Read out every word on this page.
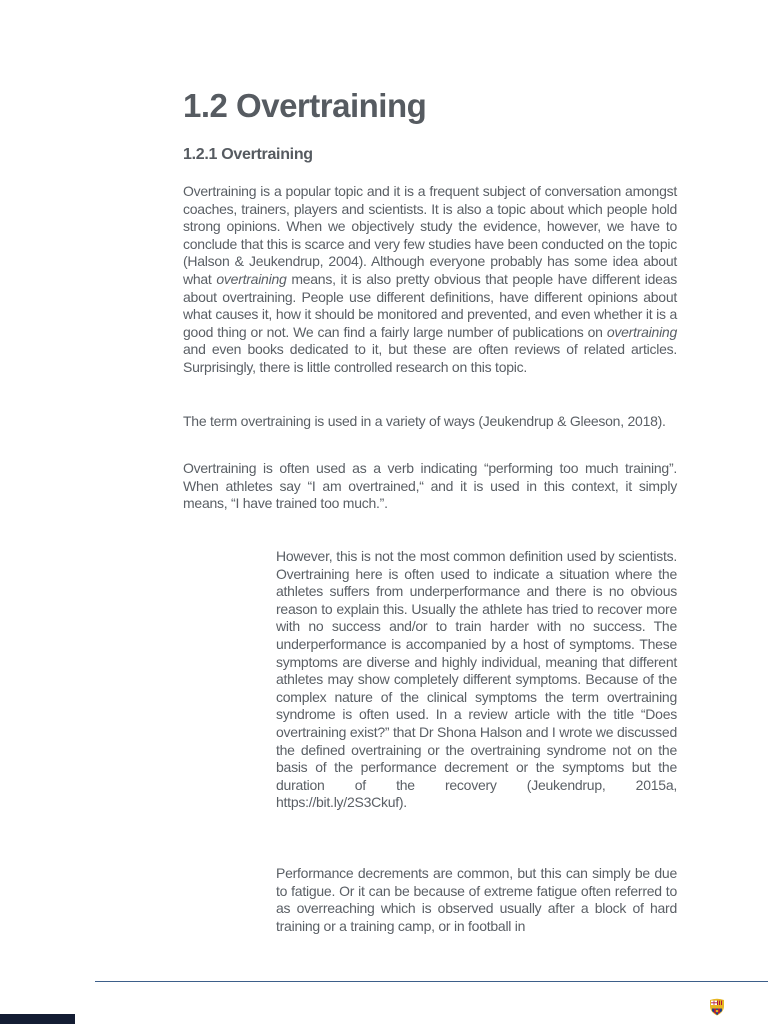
1.2 Overtraining
1.2.1 Overtraining

Overtraining is a popular topic and it is a frequent subject of conversation amongst coaches, trainers, players and scientists. It is also a topic about which people hold strong opinions. When we objectively study the evidence, however, we have to conclude that this is scarce and very few studies have been conducted on the topic (Halson & Jeukendrup, 2004). Although everyone probably has some idea about what overtraining means, it is also pretty obvious that people have different ideas about overtraining. People use different definitions, have different opinions about what causes it, how it should be monitored and prevented, and even whether it is a good thing or not. We can find a fairly large number of publications on overtraining and even books dedicated to it, but these are often reviews of related articles. Surprisingly, there is little controlled research on this topic.

The term overtraining is used in a variety of ways (Jeukendrup & Gleeson, 2018).

Overtraining is often used as a verb indicating “performing too much training”. When athletes say “I am overtrained,“ and it is used in this context, it simply means, “I have trained too much.”.

However, this is not the most common definition used by scientists. Overtraining here is often used to indicate a situation where the athletes suffers from underperformance and there is no obvious reason to explain this. Usually the athlete has tried to recover more with no success and/or to train harder with no success. The underperformance is accompanied by a host of symptoms. These symptoms are diverse and highly individual, meaning that different athletes may show completely different symptoms. Because of the complex nature of the clinical symptoms the term overtraining syndrome is often used. In a review article with the title “Does overtraining exist?” that Dr Shona Halson and I wrote we discussed the defined overtraining or the overtraining syndrome not on the basis of the performance decrement or the symptoms but the duration of the recovery (Jeukendrup, 2015a, https://bit.ly/2S3Ckuf).

Performance decrements are common, but this can simply be due to fatigue. Or it can be because of extreme fatigue often referred to as overreaching which is observed usually after a block of hard training or a training camp, or in football in
